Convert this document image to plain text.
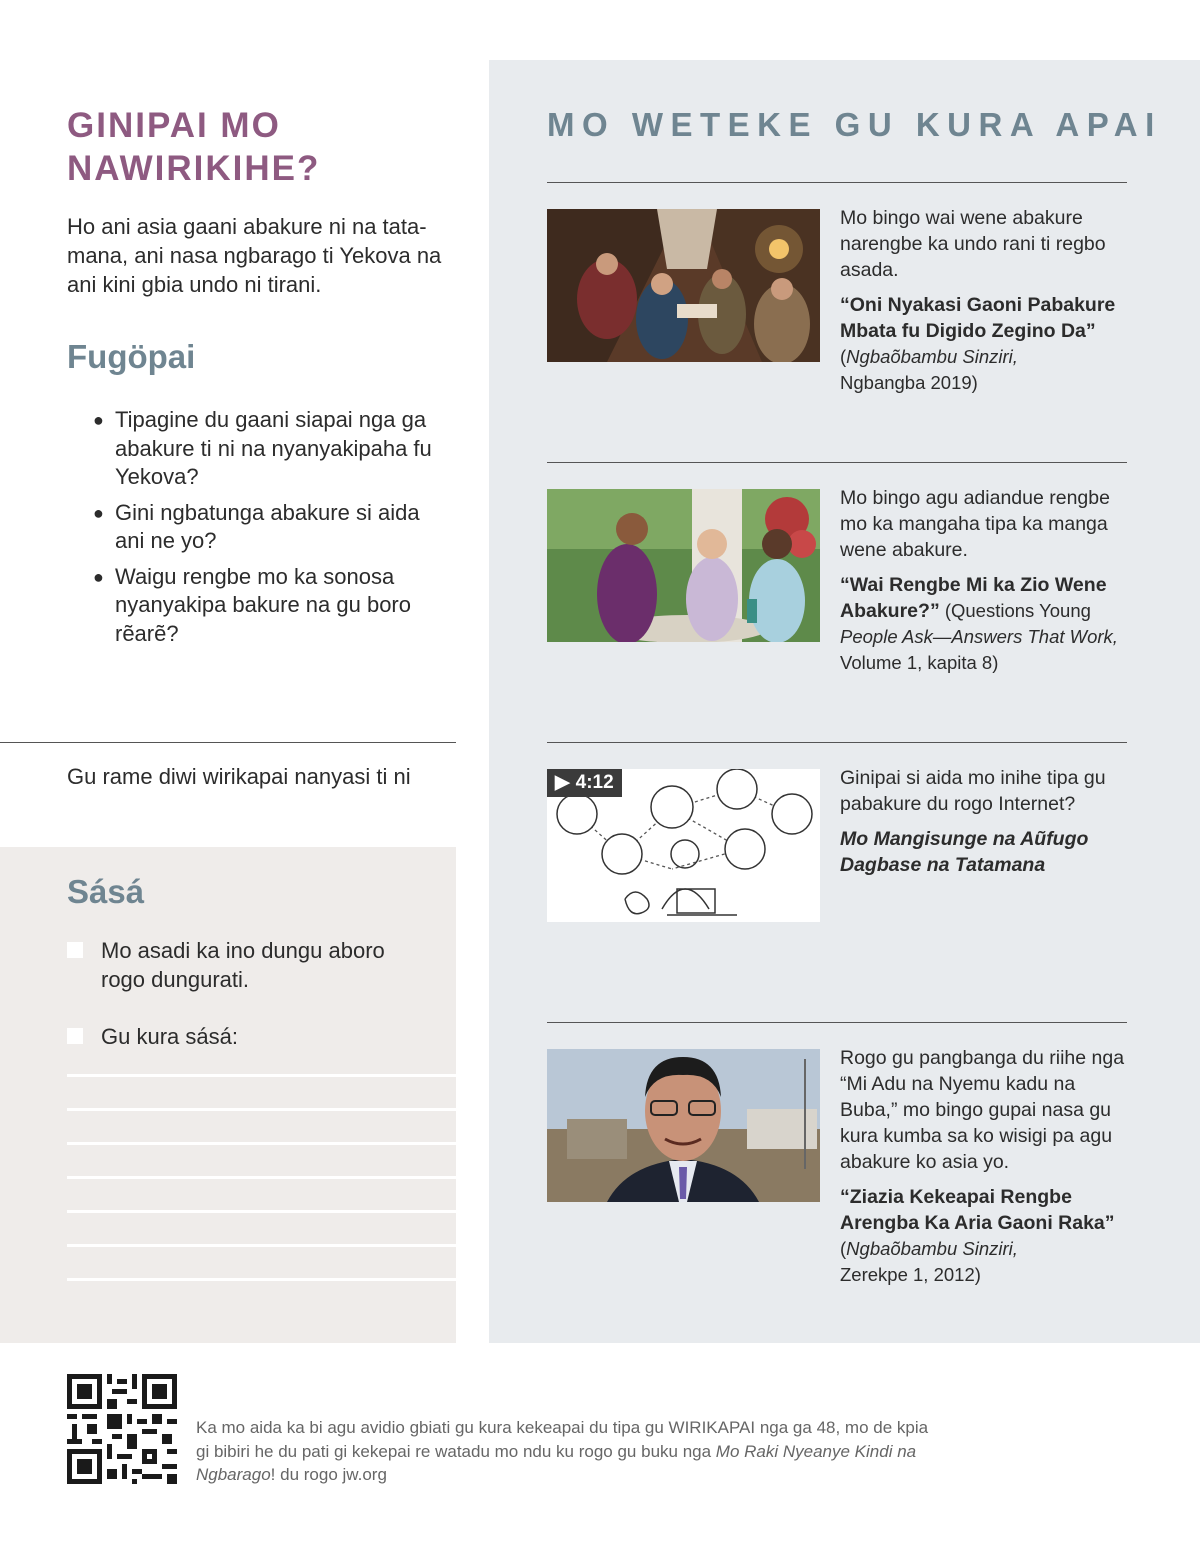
GINIPAI MO NAWIRIKIHE?

Ho ani asia gaani abakure ni na tatamana, ani nasa ngbarago ti Yekova na ani kini gbia undo ni tirani.

Fugöpai
● Tipagine du gaani siapai nga ga abakure ti ni na nyanyakipaha fu Yekova?
● Gini ngbatunga abakure si aida ani ne yo?
● Waigu rengbe mo ka sonosa nyanyakipa bakure na gu boro rẽarẽ?

Gu rame diwi wirikapai nanyasi ti ni

Sásá
Mo asadi ka ino dungu aboro rogo dungurati.
Gu kura sásá:
MO WETEKE GU KURA APAI
Mo bingo wai wene abakure narengbe ka undo rani ti regbo asada.
“Oni Nyakasi Gaoni Pabakure Mbata fu Digido Zegino Da”
(Ngbaõbambu Sinziri,
Ngbangba 2019)
Mo bingo agu adiandue rengbe mo ka mangaha tipa ka manga wene abakure.
“Wai Rengbe Mi ka Zio Wene Abakure?” (Questions Young People Ask—Answers That Work,
Volume 1, kapita 8)
▶ 4:12	Ginipai si aida mo inihe tipa gu pabakure du rogo Internet?
Mo Mangisunge na Aũfugo Dagbase na Tatamana
Rogo gu pangbanga du riihe nga “Mi Adu na Nyemu kadu na Buba,” mo bingo gupai nasa gu kura kumba sa ko wisigi pa agu abakure ko asia yo.
“Ziazia Kekeapai Rengbe Arengba Ka Aria Gaoni Raka” (Ngbaõbambu Sinziri,
Zerekpe 1, 2012)

Ka mo aida ka bi agu avidio gbiati gu kura kekeapai du tipa gu WIRIKAPAI nga ga 48, mo de kpia gi bibiri he du pati gi kekepai re watadu mo ndu ku rogo gu buku nga Mo Raki Nyeanye Kindi na Ngbarago! du rogo jw.org
